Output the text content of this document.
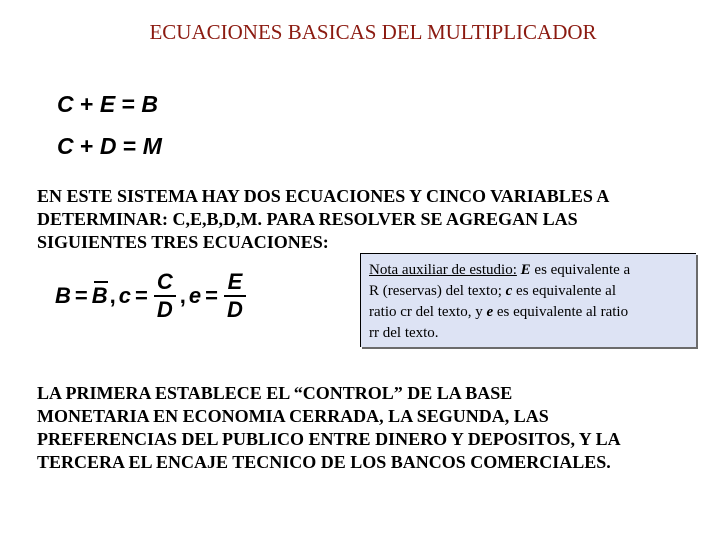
ECUACIONES BASICAS DEL MULTIPLICADOR
C + E = B
C + D = M
EN ESTE SISTEMA HAY DOS ECUACIONES Y CINCO VARIABLES A
DETERMINAR: C,E,B,D,M. PARA RESOLVER SE AGREGAN LAS
SIGUIENTES TRES ECUACIONES:
B = B , $c = \frac{C}{D}$ , $e = \frac{E}{D}$	Nota auxiliar de estudio: E es equivalente a
R (reservas) del texto; c es equivalente al
ratio cr del texto, y e es equivalente al ratio
rr del texto.
LA PRIMERA ESTABLECE EL “CONTROL” DE LA BASE
MONETARIA EN ECONOMIA CERRADA, LA SEGUNDA, LAS
PREFERENCIAS DEL PUBLICO ENTRE DINERO Y DEPOSITOS, Y LA
TERCERA EL ENCAJE TECNICO DE LOS BANCOS COMERCIALES.
